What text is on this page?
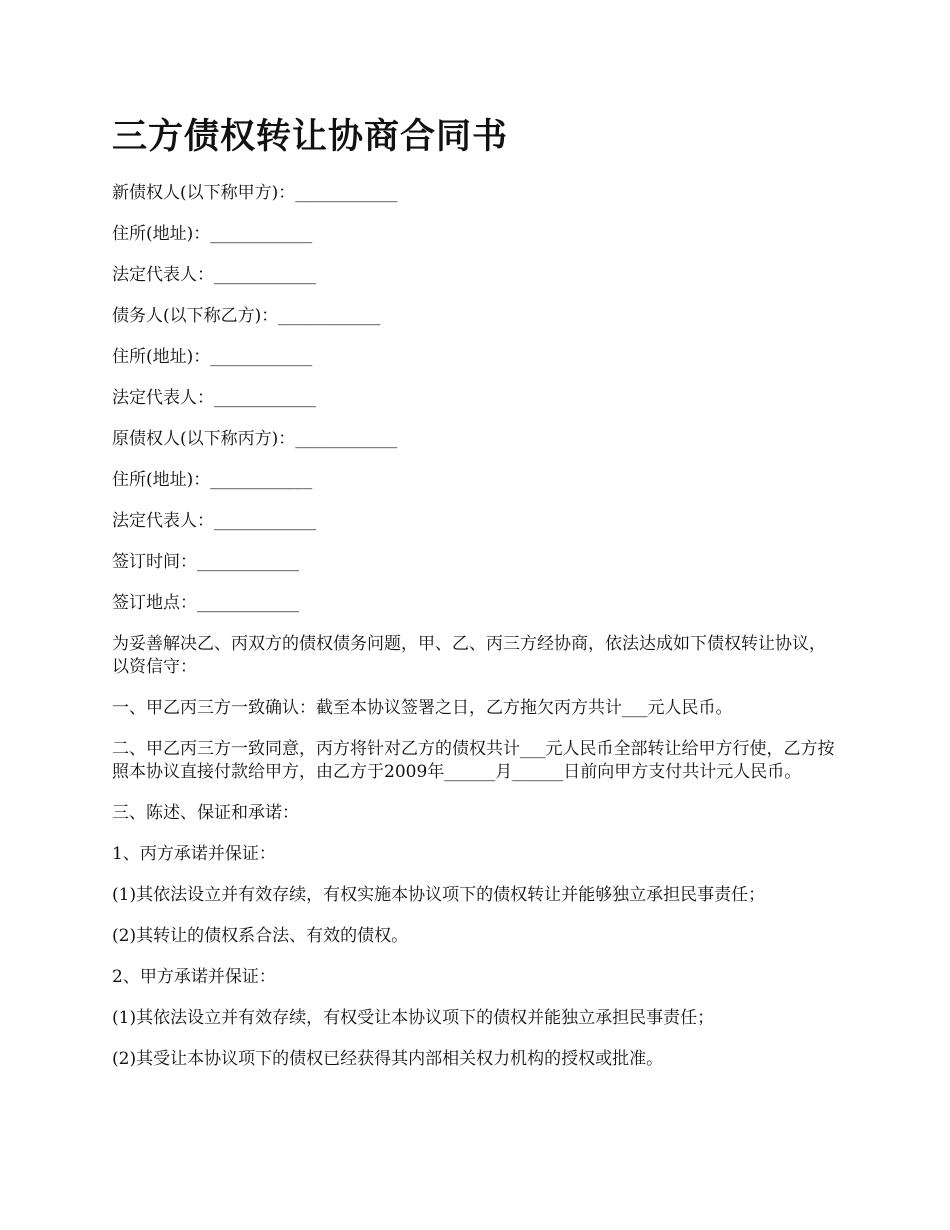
三方债权转让协商合同书

新债权人(以下称甲方)：____________

住所(地址)：____________

法定代表人：____________

债务人(以下称乙方)：____________

住所(地址)：____________

法定代表人：____________

原债权人(以下称丙方)：____________

住所(地址)：____________

法定代表人：____________

签订时间：____________

签订地点：____________

为妥善解决乙、丙双方的债权债务问题，甲、乙、丙三方经协商，依法达成如下债权转让协议，以资信守：

一、甲乙丙三方一致确认：截至本协议签署之日，乙方拖欠丙方共计___元人民币。

二、甲乙丙三方一致同意，丙方将针对乙方的债权共计___元人民币全部转让给甲方行使，乙方按照本协议直接付款给甲方，由乙方于2009年______月______日前向甲方支付共计元人民币。

三、陈述、保证和承诺：

1、丙方承诺并保证：

(1)其依法设立并有效存续，有权实施本协议项下的债权转让并能够独立承担民事责任；

(2)其转让的债权系合法、有效的债权。

2、甲方承诺并保证：

(1)其依法设立并有效存续，有权受让本协议项下的债权并能独立承担民事责任；

(2)其受让本协议项下的债权已经获得其内部相关权力机构的授权或批准。
